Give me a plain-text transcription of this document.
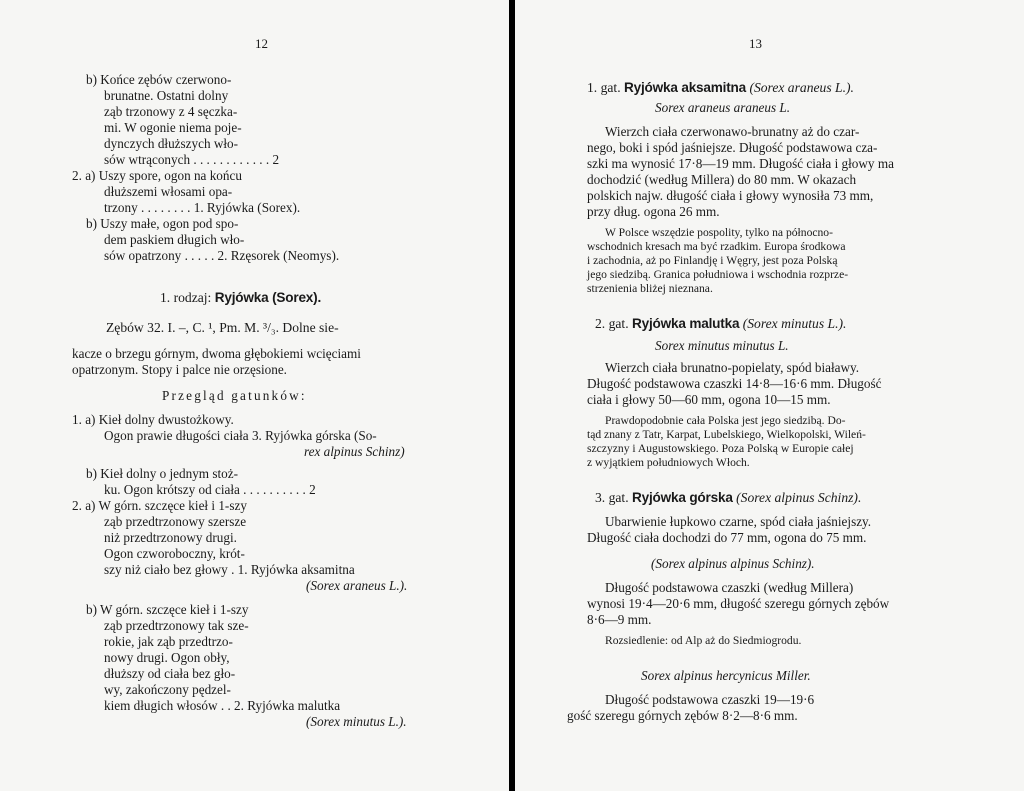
12
b) Końce zębów czerwono-
brunatne. Ostatni dolny
ząb trzonowy z 4 sęczka-
mi. W ogonie niema poje-
dynczych dłuższych wło-
sów wtrąconych . . . . . . . . . . . . 2
2. a) Uszy spore, ogon na końcu
dłuższemi włosami opa-
trzony . . . . . . . . 1. Ryjówka (Sorex).
b) Uszy małe, ogon pod spo-
dem paskiem długich wło-
sów opatrzony . . . . . 2. Rzęsorek (Neomys).
1. rodzaj: Ryjówka (Sorex).
Zębów 32. I. –, C. ¹, Pm. M. ³/₃. Dolne sie-
kacze o brzegu górnym, dwoma głębokiemi wcięciami
opatrzonym. Stopy i palce nie orzęsione.
Przegląd gatunków:
1. a) Kieł dolny dwustożkowy.
Ogon prawie długości ciała 3. Ryjówka górska (So-
rex alpinus Schinz)
b) Kieł dolny o jednym stoż-
ku. Ogon krótszy od ciała . . . . . . . . . . 2
2. a) W górn. szczęce kieł i 1-szy
ząb przedtrzonowy szersze
niż przedtrzonowy drugi.
Ogon czworoboczny, krót-
szy niż ciało bez głowy . 1. Ryjówka aksamitna
(Sorex araneus L.).
b) W górn. szczęce kieł i 1-szy
ząb przedtrzonowy tak sze-
rokie, jak ząb przedtrzo-
nowy drugi. Ogon obły,
dłuższy od ciała bez gło-
wy, zakończony pędzel-
kiem długich włosów . . 2. Ryjówka malutka
(Sorex minutus L.).
13
1. gat. Ryjówka aksamitna (Sorex araneus L.).
Sorex araneus araneus L.
Wierzch ciała czerwonawo-brunatny aż do czar-
nego, boki i spód jaśniejsze. Długość podstawowa cza-
szki ma wynosić 17·8—19 mm. Długość ciała i głowy ma
dochodzić (według Millera) do 80 mm. W okazach
polskich najw. długość ciała i głowy wynosiła 73 mm,
przy dług. ogona 26 mm.
W Polsce wszędzie pospolity, tylko na północno-
wschodnich kresach ma być rzadkim. Europa środkowa
i zachodnia, aż po Finlandję i Węgry, jest poza Polską
jego siedzibą. Granica południowa i wschodnia rozprze-
strzenienia bliżej nieznana.
2. gat. Ryjówka malutka (Sorex minutus L.).
Sorex minutus minutus L.
Wierzch ciała brunatno-popielaty, spód białawy.
Długość podstawowa czaszki 14·8—16·6 mm. Długość
ciała i głowy 50—60 mm, ogona 10—15 mm.
Prawdopodobnie cała Polska jest jego siedzibą. Do-
tąd znany z Tatr, Karpat, Lubelskiego, Wielkopolski, Wileń-
szczyzny i Augustowskiego. Poza Polską w Europie całej
z wyjątkiem południowych Włoch.
3. gat. Ryjówka górska (Sorex alpinus Schinz).
Ubarwienie łupkowo czarne, spód ciała jaśniejszy.
Długość ciała dochodzi do 77 mm, ogona do 75 mm.
(Sorex alpinus alpinus Schinz).
Długość podstawowa czaszki (według Millera)
wynosi 19·4—20·6 mm, długość szeregu górnych zębów
8·6—9 mm.
Rozsiedlenie: od Alp aż do Siedmiogrodu.
Sorex alpinus hercynicus Miller.
Długość podstawowa czaszki 19—19·6
gość szeregu górnych zębów 8·2—8·6 mm.
